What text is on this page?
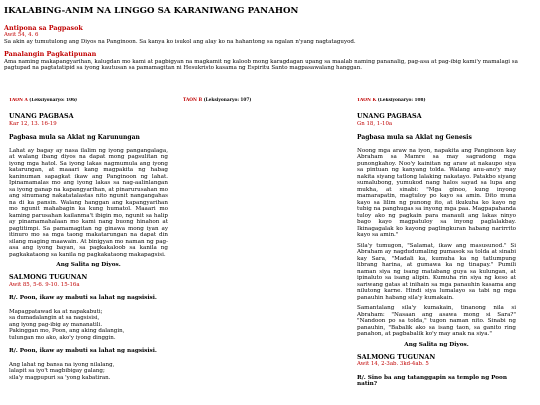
IKALABING-ANIM NA LINGGO SA KARANIWANG PANAHON

Antipona sa Pagpasok

Awit 54, 4. 6

Sa akin ay tumutulong ang Diyos na Panginoon. Sa kanya ko isukol ang alay ko na hahantong sa ngalan n'yang nagtataguyod.

Panalangin Pagkatipunan

Ama naming makapangyarihan, kalugdan mo kami at pagbigyan na magkamit ng kaloob mong karagdagan upang sa maalab naming pananalig, pag-asa at pag-ibig kami'y mamalagi sa pagtupad na pagtatatipid sa iyong kautusan sa pamamagitan ni Hesukristo kasama ng Espiritu Santo magpasawalang hanggan.

TAON A (Leksiyonaryo: 106)

UNANG PAGBASA

Kar 12, 13. 16-19

Pagbasa mula sa Aklat ng Karunungan

Lahat ay bagay ay nasa ilalim ng iyong pangangalaga, at walang ibang diyos na dapat mong pagsulitan ng iyong mga hatol. Sa iyong lakas nagmumula ang iyong katarungan, at maaari kang magpakita ng habag kaninuman sapagkat ikaw ang Panginoon ng lahat. Ipinamamalas mo ang iyong lakas sa nag-aalinlangan sa iyong ganap na kapangyarihan, at pinarurusahan mo ang sinumang nakatatalastas nito ngunit nangangahas na di ka pansin. Walang hanggan ang kapangyarihan mo ngunit mahabagin ka kung humatol. Maaari mo kaming parusahan kailanma't ibigin mo, ngunit sa halip ay pinamamahalaan mo kami nang buong hinahon at pagtitimpi. Sa pamamagitan ng ginawa mong iyan ay itinuro mo sa mga taong makatarungan na dapat din silang maging maawain. At binigyan mo naman ng pag-asa ang iyong bayan, sa pagkakaloob sa kanila ng pagkakataong sa kanila ng pagkakataong makapagsisi.

Ang Salita ng Diyos.

SALMONG TUGUNAN

Awit 85, 5-6. 9-10. 15-16a

R/. Poon, ikaw ay mabuti sa lahat ng nagsisisi.

Mapagpatawad ka at napakabuti;
sa dumadalangin at sa nagsisisi,
ang iyong pag-ibig ay mananatili.
Pakinggan mo, Poon, ang aking dalangin,
tulungan mo ako, ako'y iyong dinggin.

R/. Poon, ikaw ay mabuti sa lahat ng nagsisisi.

Ang lahat ng bansa na iyong nilalang,
lalapit sa iyo't magbibigay galang;
sila'y magpupuri sa 'yong kabatiran.

TAON B (Leksiyonaryo: 107)	TAON K (Leksiyonaryo: 108)

UNANG PAGBASA

Gn 18, 1-10a

Pagbasa mula sa Aklat ng Genesis

Noong mga araw na iyon, napakita ang Panginoon kay Abraham sa Mamre sa may sagradong mga punongkahoy. Noo'y kainitan ng araw at nakaupo siya sa pintuan ng kanyang tolda. Walang anu-ano'y may nakita siyang tatlong lalaking nakatayo. Patakbo siyang sumalubong, yumukod nang halos sayad sa lupa ang mukha, at sinabi: "Mga ginoo, kung inyong mamarapatin, magtuloy po kayo sa amin. Dito muna kayo sa lilim ng punong ito, at ikukuha ko kayo ng tubig na panghugas sa inyong mga paa. Magpapahanda tuloy ako ng pagkain para manauli ang lakas ninyo bago kayo magpatuloy sa inyong paglalakbay. Ikinagagalak ko kayong paglingkuran habang narirrito kayo sa amin."

Sila'y tumugon, "Salamat, ikaw ang masusunod." Si Abraham ay nagdudumaling pumasok sa tolda at sinabi kay Sara, "Madali ka, kumuha ka ng tatlumpung librang harina, at gumawa ka ng tinapay." Pumili naman siya ng isang matabang guya sa kulungan, at ipinaluto sa isang alipin. Kumuha rin siya ng keso at sariwang gatas at inihain sa mga panauhin kasama ang nilutong karne. Hindi siya lumalayo sa tabi ng mga panauhin habang sila'y kumakain.

Samantalang sila'y kumakain, tinanong nila si Abraham: "Nasaan ang asawa mong si Sara?" "Nandoon po sa tolda," tugon naman nito. Sinabi ng panauhin, "Babalik ako sa isang taon, sa ganito ring panahon, at pagbabalik ko'y may anak na siya."

Ang Salita ng Diyos.

SALMONG TUGUNAN

Awit 14, 2-3ab. 3kd-4ab. 5

R/. Sino ba ang tatanggapin sa templo ng Poon natin?
